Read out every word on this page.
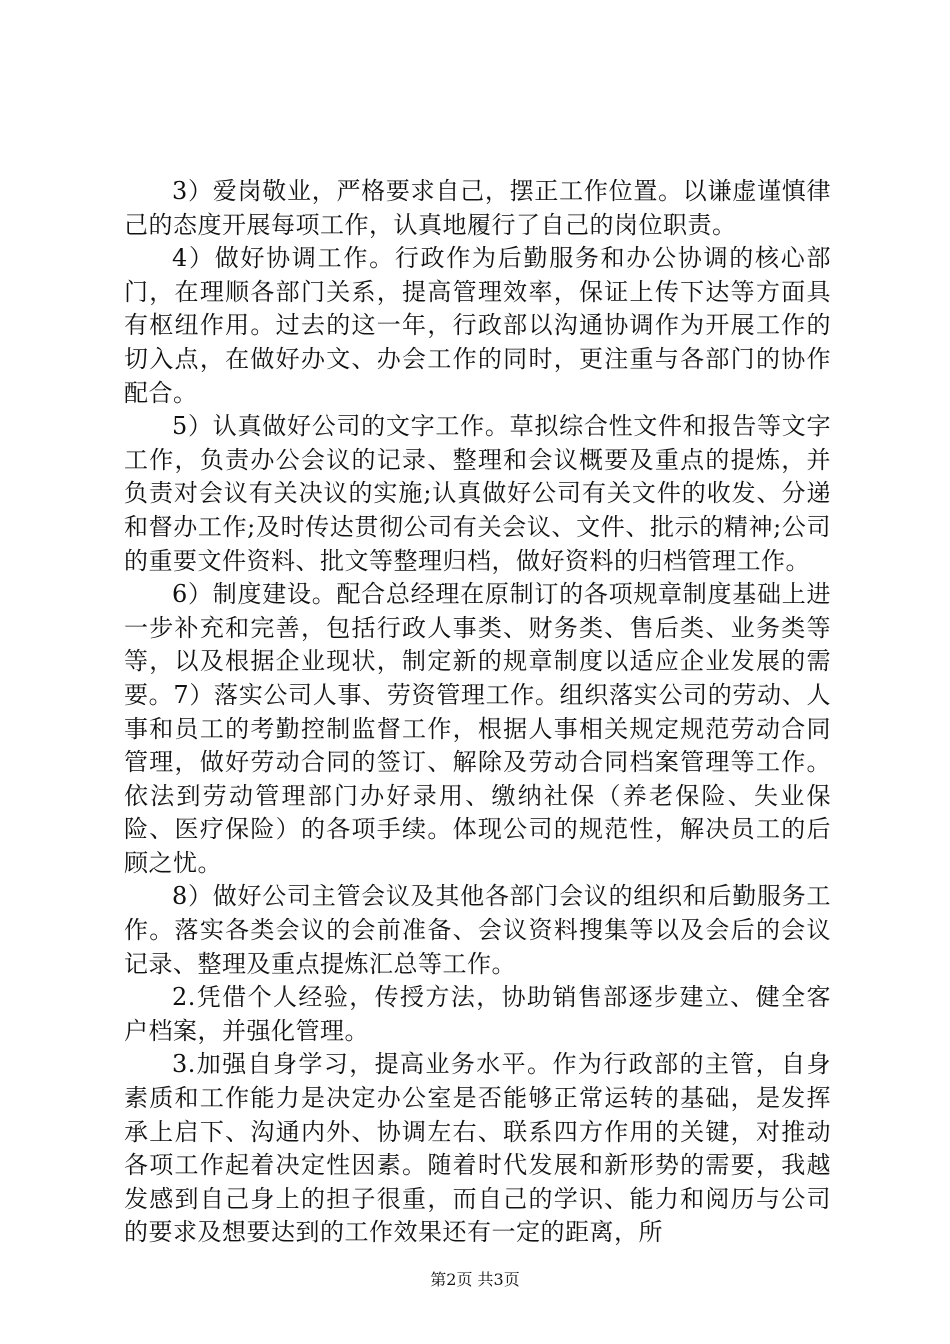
3）爱岗敬业，严格要求自己，摆正工作位置。以谦虚谨慎律己的态度开展每项工作，认真地履行了自己的岗位职责。

4）做好协调工作。行政作为后勤服务和办公协调的核心部门，在理顺各部门关系，提高管理效率，保证上传下达等方面具有枢纽作用。过去的这一年，行政部以沟通协调作为开展工作的切入点，在做好办文、办会工作的同时，更注重与各部门的协作配合。

5）认真做好公司的文字工作。草拟综合性文件和报告等文字工作，负责办公会议的记录、整理和会议概要及重点的提炼，并负责对会议有关决议的实施;认真做好公司有关文件的收发、分递和督办工作;及时传达贯彻公司有关会议、文件、批示的精神;公司的重要文件资料、批文等整理归档，做好资料的归档管理工作。

6）制度建设。配合总经理在原制订的各项规章制度基础上进一步补充和完善，包括行政人事类、财务类、售后类、业务类等等，以及根据企业现状，制定新的规章制度以适应企业发展的需要。7）落实公司人事、劳资管理工作。组织落实公司的劳动、人事和员工的考勤控制监督工作，根据人事相关规定规范劳动合同管理，做好劳动合同的签订、解除及劳动合同档案管理等工作。依法到劳动管理部门办好录用、缴纳社保（养老保险、失业保险、医疗保险）的各项手续。体现公司的规范性，解决员工的后顾之忧。

8）做好公司主管会议及其他各部门会议的组织和后勤服务工作。落实各类会议的会前准备、会议资料搜集等以及会后的会议记录、整理及重点提炼汇总等工作。

2.凭借个人经验，传授方法，协助销售部逐步建立、健全客户档案，并强化管理。

3.加强自身学习，提高业务水平。作为行政部的主管，自身素质和工作能力是决定办公室是否能够正常运转的基础，是发挥承上启下、沟通内外、协调左右、联系四方作用的关键，对推动各项工作起着决定性因素。随着时代发展和新形势的需要，我越发感到自己身上的担子很重，而自己的学识、能力和阅历与公司的要求及想要达到的工作效果还有一定的距离，所

第2页 共3页
